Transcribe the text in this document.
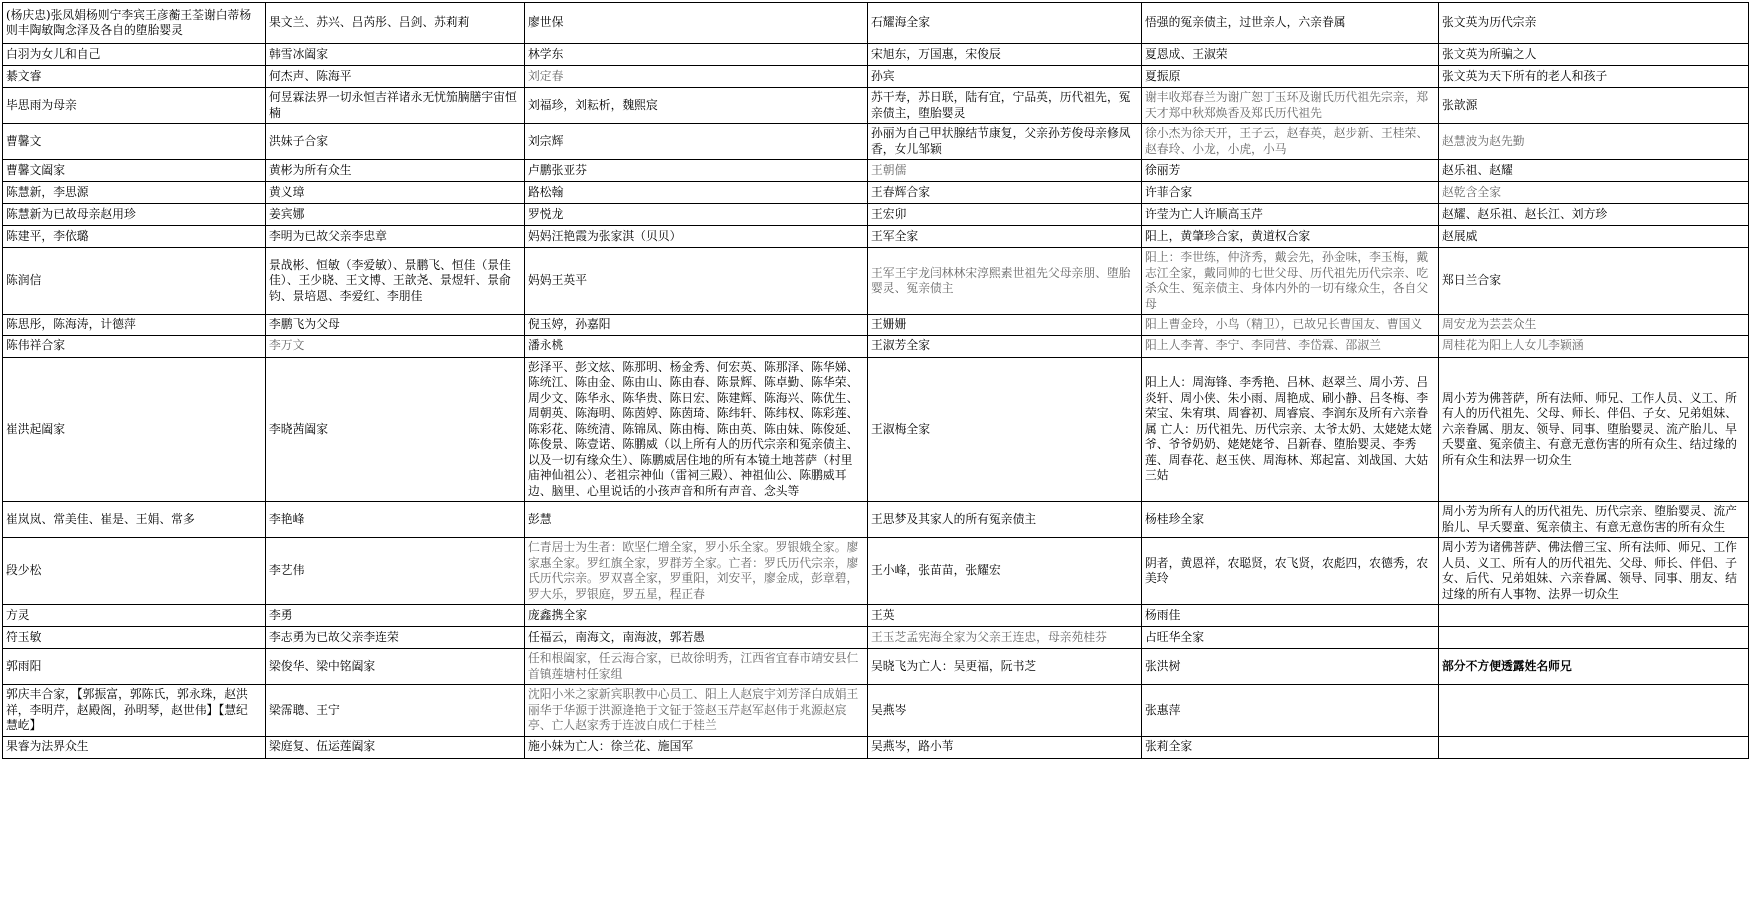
(杨庆忠)张凤娟杨则宁李宾王彦蘅王荃谢白蒂杨则丰陶敏陶念泽及各自的堕胎婴灵	果文兰、苏兴、吕芮彤、吕剑、苏莉莉	廖世保	石耀海全家	悟强的冤亲债主，过世亲人，六亲眷属	张文英为历代宗亲
白羽为女儿和自己	韩雪冰阖家	林学东	宋旭东，万国惠，宋俊辰	夏恩成、王淑荣	张文英为所骗之人
綦文睿	何杰声、陈海平	刘定春	孙宾	夏振原	张文英为天下所有的老人和孩子
毕思雨为母亲	何昱霖法界一切永恒吉祥诸永无忧笳腩膳宇宙恒楠	刘福珍，刘耘析，魏熙宸	苏干寿，苏日联，陆有宜，宁品英，历代祖先，冤亲债主，堕胎婴灵	谢丰收郑春兰为谢广恕丁玉环及谢氏历代祖先宗亲，郑天才郑中秋郑焕香及郑氏历代祖先	张歆源
曹馨文	洪妹子合家	刘宗辉	孙丽为自己甲状腺结节康复，父亲孙芳俊母亲修凤香，女儿邹颖	徐小杰为徐天开，王子云，赵春英，赵步新、王桂荣、赵春玲、小龙，小虎，小马	赵慧波为赵先勤
曹馨文阖家	黄彬为所有众生	卢鹏张亚芬	王朝儒	徐丽芳	赵乐祖、赵耀
陈慧新，李思源	黄义璋	路松翰	王春辉合家	许菲合家	赵乾含全家
陈慧新为已故母亲赵用珍	姜宾娜	罗悦龙	王宏卯	许莹为亡人许顺高玉芹	赵耀、赵乐祖、赵长江、刘方珍
陈建平，李依璐	李明为已故父亲李忠章	妈妈汪艳霞为张家淇（贝贝）	王军全家	阳上，黄肇珍合家，黄道权合家	赵展威
陈润信	景战彬、恒敏（李爱敏）、景鹏飞、恒佳（景佳佳）、王少晓、王文博、王歆尧、景煜轩、景俞钧、景培恩、李爱红、李朋佳	妈妈王英平	王军王宇龙闫林林宋淳熙素世祖先父母亲朋、堕胎婴灵、冤亲债主	阳上：李世练，仲济秀，戴会先，孙金味，李玉梅，戴志江全家，戴同帅的七世父母、历代祖先历代宗亲、吃杀众生、冤亲债主、身体内外的一切有缘众生，各自父母	郑日兰合家
陈思彤，陈海涛，计德萍	李鹏飞为父母	倪玉婷，孙嘉阳	王姗姗	阳上曹金玲，小鸟（精卫），已故兄长曹国友、曹国义	周安龙为芸芸众生
陈伟祥合家	李万文	潘永桃	王淑芳全家	阳上人李菁、李宁、李同营、李岱霖、邵淑兰	周桂花为阳上人女儿李颖涵
崔洪起阖家	李晓茜阖家	彭泽平、彭文炫、陈那明、杨金秀、何宏英、陈那泽、陈华娣、陈统江、陈由金、陈由山、陈由春、陈景辉、陈卓勤、陈华荣、周少文、陈华永、陈华贵、陈日宏、陈建辉、陈海兴、陈优生、周朝英、陈海明、陈茵婷、陈茵琦、陈纬轩、陈纬权、陈彩莲、陈彩花、陈统清、陈锦凤、陈由梅、陈由英、陈由妹、陈俊延、陈俊景、陈壹诺、陈鹏威（以上所有人的历代宗亲和冤亲债主、以及一切有缘众生）、陈鹏威居住地的所有本镜土地菩萨（村里庙神仙祖公）、老祖宗神仙（雷祠三殿）、神祖仙公、陈鹏威耳边、脑里、心里说话的小孩声音和所有声音、念头等	王淑梅全家	阳上人：周海锋、李秀艳、吕林、赵翠兰、周小芳、吕炎轩、周小侠、朱小雨、周艳成、刷小静、吕冬梅、李荣宝、朱宥琪、周睿初、周睿宸、李润东及所有六亲眷属 亡人：历代祖先、历代宗亲、太爷太奶、太姥姥太姥爷、爷爷奶奶、姥姥姥爷、吕新春、堕胎婴灵、李秀莲、周春花、赵玉侠、周海林、郑起富、刘战国、大姑三姑	周小芳为佛菩萨，所有法师、师兄、工作人员、义工、所有人的历代祖先、父母、师长、伴侣、子女、兄弟姐妹、六亲眷属、朋友、领导、同事、堕胎婴灵、流产胎儿、早夭婴童、冤亲债主、有意无意伤害的所有众生、结过缘的所有众生和法界一切众生
崔岚岚、常美佳、崔是、王娟、常多	李艳峰	彭慧	王思梦及其家人的所有冤亲债主	杨桂珍全家	周小芳为所有人的历代祖先、历代宗亲、堕胎婴灵、流产胎儿、早夭婴童、冤亲债主、有意无意伤害的所有众生
段少松	李艺伟	仁青居士为生者：欧坚仁增全家，罗小乐全家。罗银娥全家。廖家惠全家。罗红旗全家，罗群芳全家。亡者：罗氏历代宗亲，廖氏历代宗亲。罗双喜全家，罗重阳，刘安平，廖金成，彭章碧，罗大乐，罗银庭，罗五星，程正春	王小峰，张苗苗，张耀宏	阴者，黄恩祥，农聪贤，农飞贤，农彪四，农德秀，农美玲	周小芳为诸佛菩萨、佛法僧三宝、所有法师、师兄、工作人员、义工、所有人的历代祖先、父母、师长、伴侣、子女、后代、兄弟姐妹、六亲眷属、领导、同事、朋友、结过缘的所有人事物、法界一切众生
方灵	李勇	庞鑫携全家	王英	杨雨佳	
符玉敏	李志勇为已故父亲李连荣	任福云，南海文，南海波，郭若愚	王玉芝孟宪海全家为父亲王连忠，母亲苑桂芬	占旺华全家	
郭雨阳	梁俊华、梁中铭阖家	任和根阖家，任云海合家，已故徐明秀，江西省宜春市靖安县仁首镇莲塘村任家组	吴晓飞为亡人：吴更福，阮书芝	张洪树	部分不方便透露姓名师兄
郭庆丰合家，【郭振富，郭陈氏，郭永珠，赵洪祥，李明芹，赵殿阁，孙明琴，赵世伟】【慧纪　慧屹】	梁霈聰、王宁	沈阳小米之家新宾职教中心员工、阳上人赵宸宇刘芳泽白成娟王丽华于华源于洪源逄艳于文钲于签赵玉芹赵军赵伟于兆源赵宸亭、亡人赵家秀于连波白成仁于桂兰	吴燕岑	张惠萍	
果睿为法界众生	梁庭复、伍运莲阖家	施小妹为亡人：徐兰花、施国军	吴燕岑，路小苇	张莉全家	
